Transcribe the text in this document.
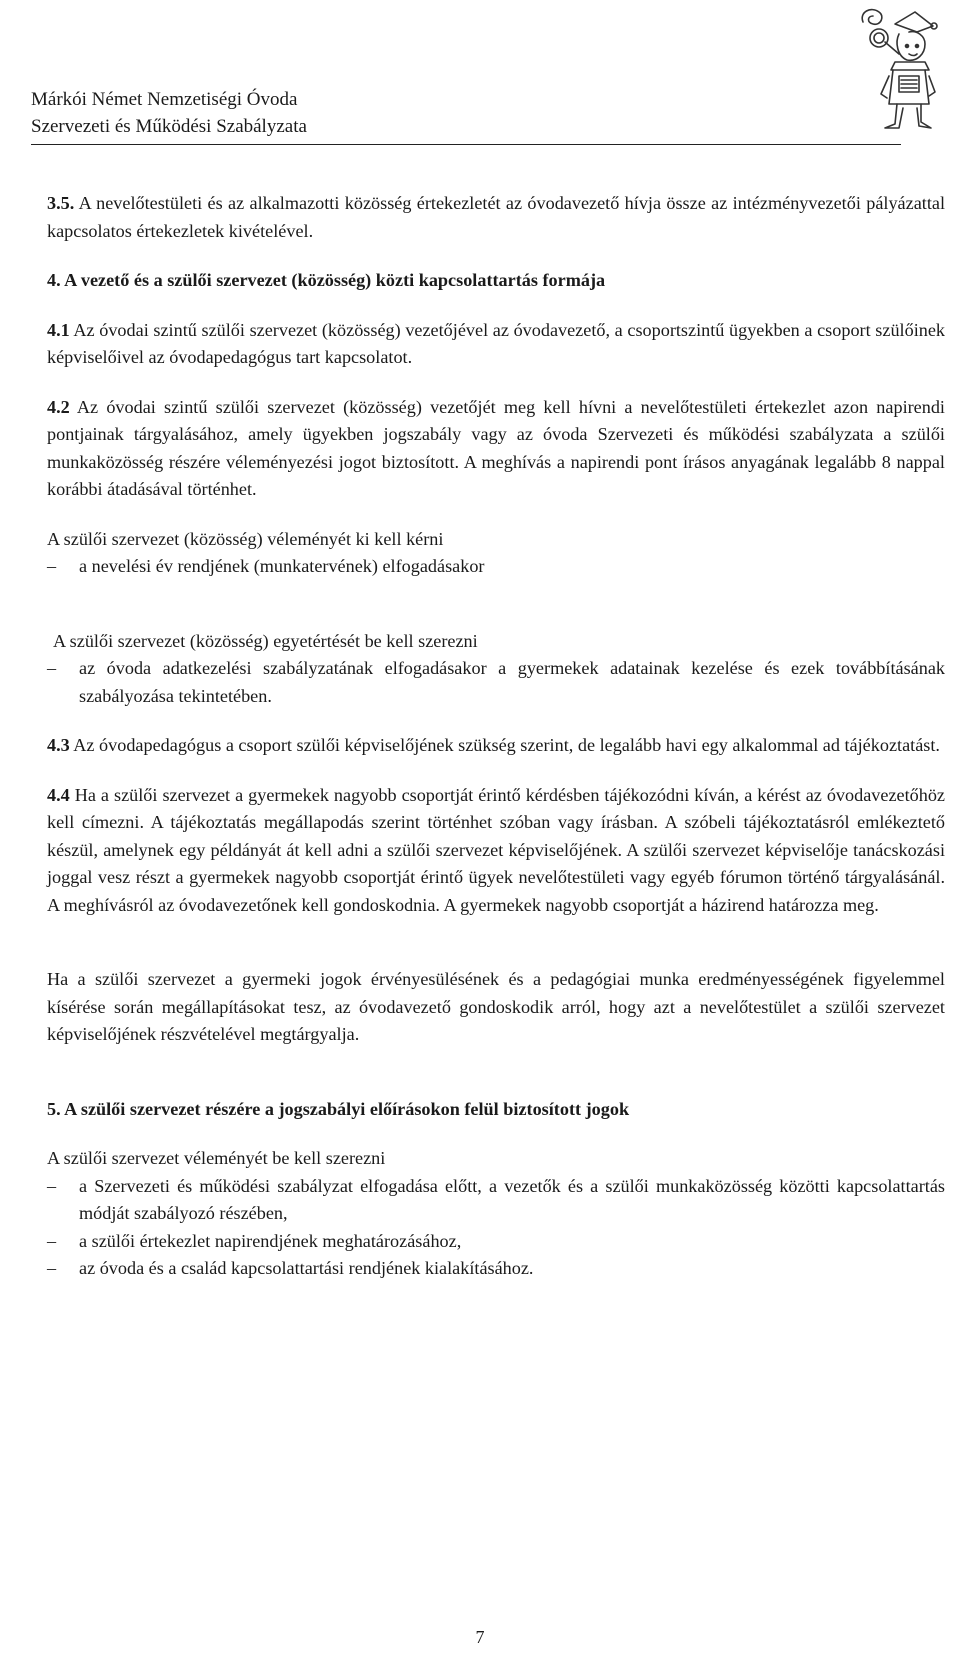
Márkói Német Nemzetiségi Óvoda
Szervezeti és Működési Szabályzata

3.5. A nevelőtestületi és az alkalmazotti közösség értekezletét az óvodavezető hívja össze az intézményvezetői pályázattal kapcsolatos értekezletek kivételével.

4. A vezető és a szülői szervezet (közösség) közti kapcsolattartás formája

4.1 Az óvodai szintű szülői szervezet (közösség) vezetőjével az óvodavezető, a csoportszintű ügyekben a csoport szülőinek képviselőivel az óvodapedagógus tart kapcsolatot.

4.2 Az óvodai szintű szülői szervezet (közösség) vezetőjét meg kell hívni a nevelőtestületi értekezlet azon napirendi pontjainak tárgyalásához, amely ügyekben jogszabály vagy az óvoda Szervezeti és működési szabályzata a szülői munkaközösség részére véleményezési jogot biztosított. A meghívás a napirendi pont írásos anyagának legalább 8 nappal korábbi átadásával történhet.

A szülői szervezet (közösség) véleményét ki kell kérni

– a nevelési év rendjének (munkatervének) elfogadásakor

A szülői szervezet (közösség) egyetértését be kell szerezni

– az óvoda adatkezelési szabályzatának elfogadásakor a gyermekek adatainak kezelése és ezek továbbításának szabályozása tekintetében.

4.3 Az óvodapedagógus a csoport szülői képviselőjének szükség szerint, de legalább havi egy alkalommal ad tájékoztatást.

4.4 Ha a szülői szervezet a gyermekek nagyobb csoportját érintő kérdésben tájékozódni kíván, a kérést az óvodavezetőhöz kell címezni. A tájékoztatás megállapodás szerint történhet szóban vagy írásban. A szóbeli tájékoztatásról emlékeztető készül, amelynek egy példányát át kell adni a szülői szervezet képviselőjének. A szülői szervezet képviselője tanácskozási joggal vesz részt a gyermekek nagyobb csoportját érintő ügyek nevelőtestületi vagy egyéb fórumon történő tárgyalásánál. A meghívásról az óvodavezetőnek kell gondoskodnia. A gyermekek nagyobb csoportját a házirend határozza meg.

Ha a szülői szervezet a gyermeki jogok érvényesülésének és a pedagógiai munka eredményességének figyelemmel kísérése során megállapításokat tesz, az óvodavezető gondoskodik arról, hogy azt a nevelőtestület a szülői szervezet képviselőjének részvételével megtárgyalja.

5. A szülői szervezet részére a jogszabályi előírásokon felül biztosított jogok

A szülői szervezet véleményét be kell szerezni

– a Szervezeti és működési szabályzat elfogadása előtt, a vezetők és a szülői munkaközösség közötti kapcsolattartás módját szabályozó részében,

– a szülői értekezlet napirendjének meghatározásához,

– az óvoda és a család kapcsolattartási rendjének kialakításához.

7
